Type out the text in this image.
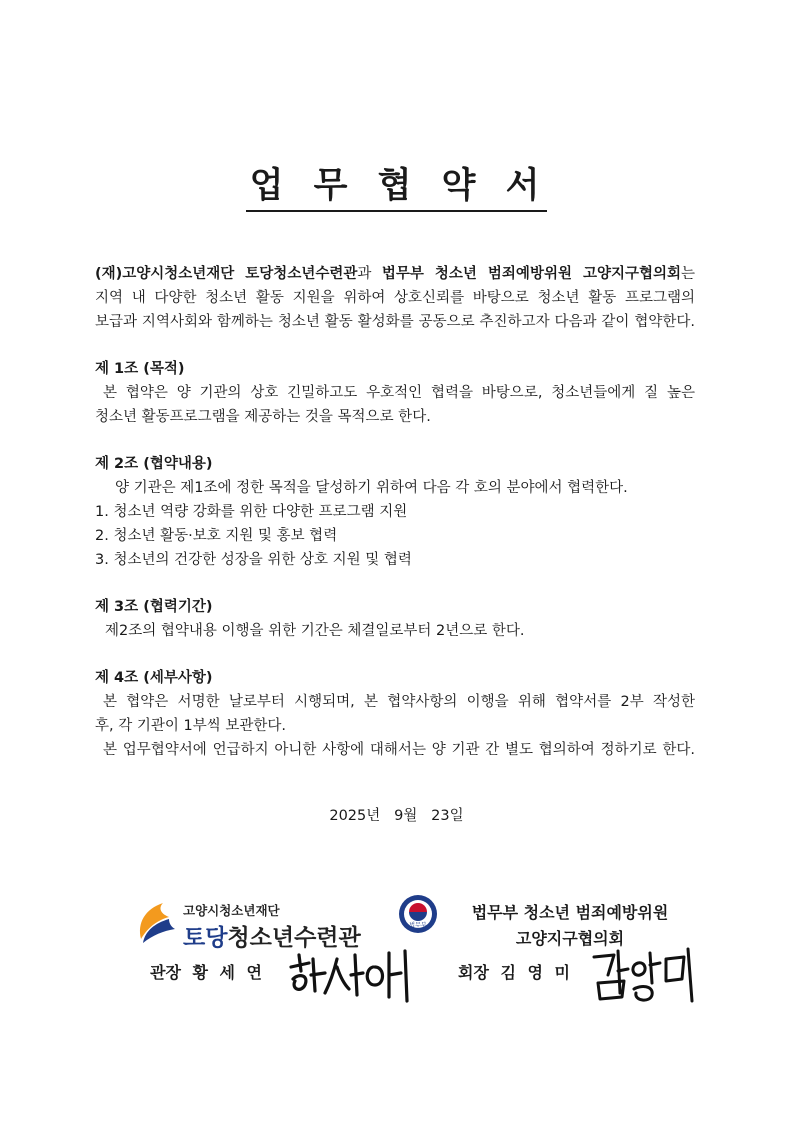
업 무 협 약 서
(재)고양시청소년재단 토당청소년수련관과 법무부 청소년 범죄예방위원 고양지구협의회는
지역 내 다양한 청소년 활동 지원을 위하여 상호신뢰를 바탕으로 청소년 활동 프로그램의
보급과 지역사회와 함께하는 청소년 활동 활성화를 공동으로 추진하고자 다음과 같이 협약한다.
제 1조 (목적)
본 협약은 양 기관의 상호 긴밀하고도 우호적인 협력을 바탕으로, 청소년들에게 질 높은
청소년 활동프로그램을 제공하는 것을 목적으로 한다.
제 2조 (협약내용)
양 기관은 제1조에 정한 목적을 달성하기 위하여 다음 각 호의 분야에서 협력한다.
1. 청소년 역량 강화를 위한 다양한 프로그램 지원
2. 청소년 활동·보호 지원 및 홍보 협력
3. 청소년의 건강한 성장을 위한 상호 지원 및 협력
제 3조 (협력기간)
제2조의 협약내용 이행을 위한 기간은 체결일로부터 2년으로 한다.
제 4조 (세부사항)
본 협약은 서명한 날로부터 시행되며, 본 협약사항의 이행을 위해 협약서를 2부 작성한
후, 각 기관이 1부씩 보관한다.
본 업무협약서에 언급하지 아니한 사항에 대해서는 양 기관 간 별도 협의하여 정하기로 한다.
2025년   9월   23일
고양시청소년재단
토당청소년수련관	법무부
법무부 청소년 범죄예방위원
고양지구협의회
관장 황 세 연	회장 김 영 미
